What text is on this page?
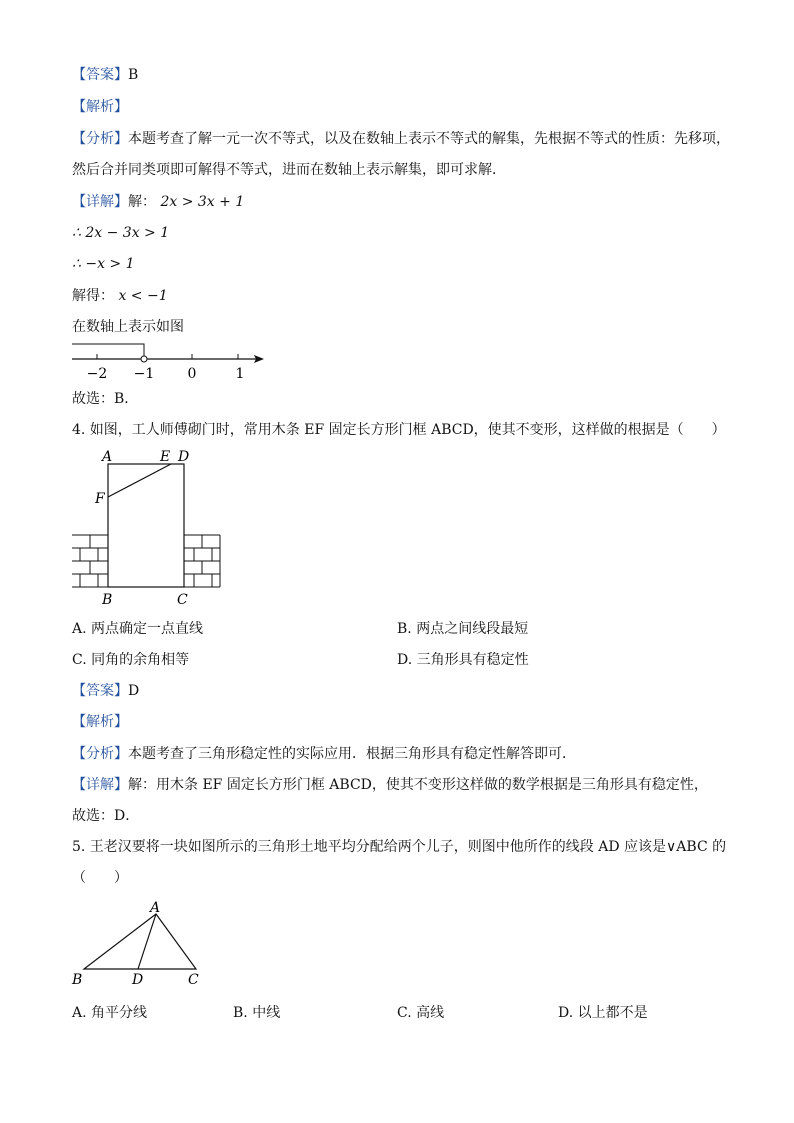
【答案】B
【解析】
【分析】本题考查了解一元一次不等式，以及在数轴上表示不等式的解集，先根据不等式的性质：先移项，
然后合并同类项即可解得不等式，进而在数轴上表示解集，即可求解．
【详解】解： 2x > 3x + 1
∴ 2x − 3x > 1
∴ −x > 1
解得： x < −1
在数轴上表示如图
−2 −1 0	1
故选：B．
4. 如图，工人师傅砌门时，常用木条 EF 固定长方形门框 ABCD，使其不变形，这样做的根据是（　　）
A	E D
F
B	C
A. 两点确定一点直线	B. 两点之间线段最短
C. 同角的余角相等	D. 三角形具有稳定性
【答案】D
【解析】
【分析】本题考查了三角形稳定性的实际应用．根据三角形具有稳定性解答即可．
【详解】解：用木条 EF 固定长方形门框 ABCD，使其不变形这样做的数学根据是三角形具有稳定性，
故选：D．
5. 王老汉要将一块如图所示的三角形土地平均分配给两个儿子，则图中他所作的线段 AD 应该是∨ABC 的
（　　）
A
B	D	C
A. 角平分线	B. 中线	C. 高线	D. 以上都不是
